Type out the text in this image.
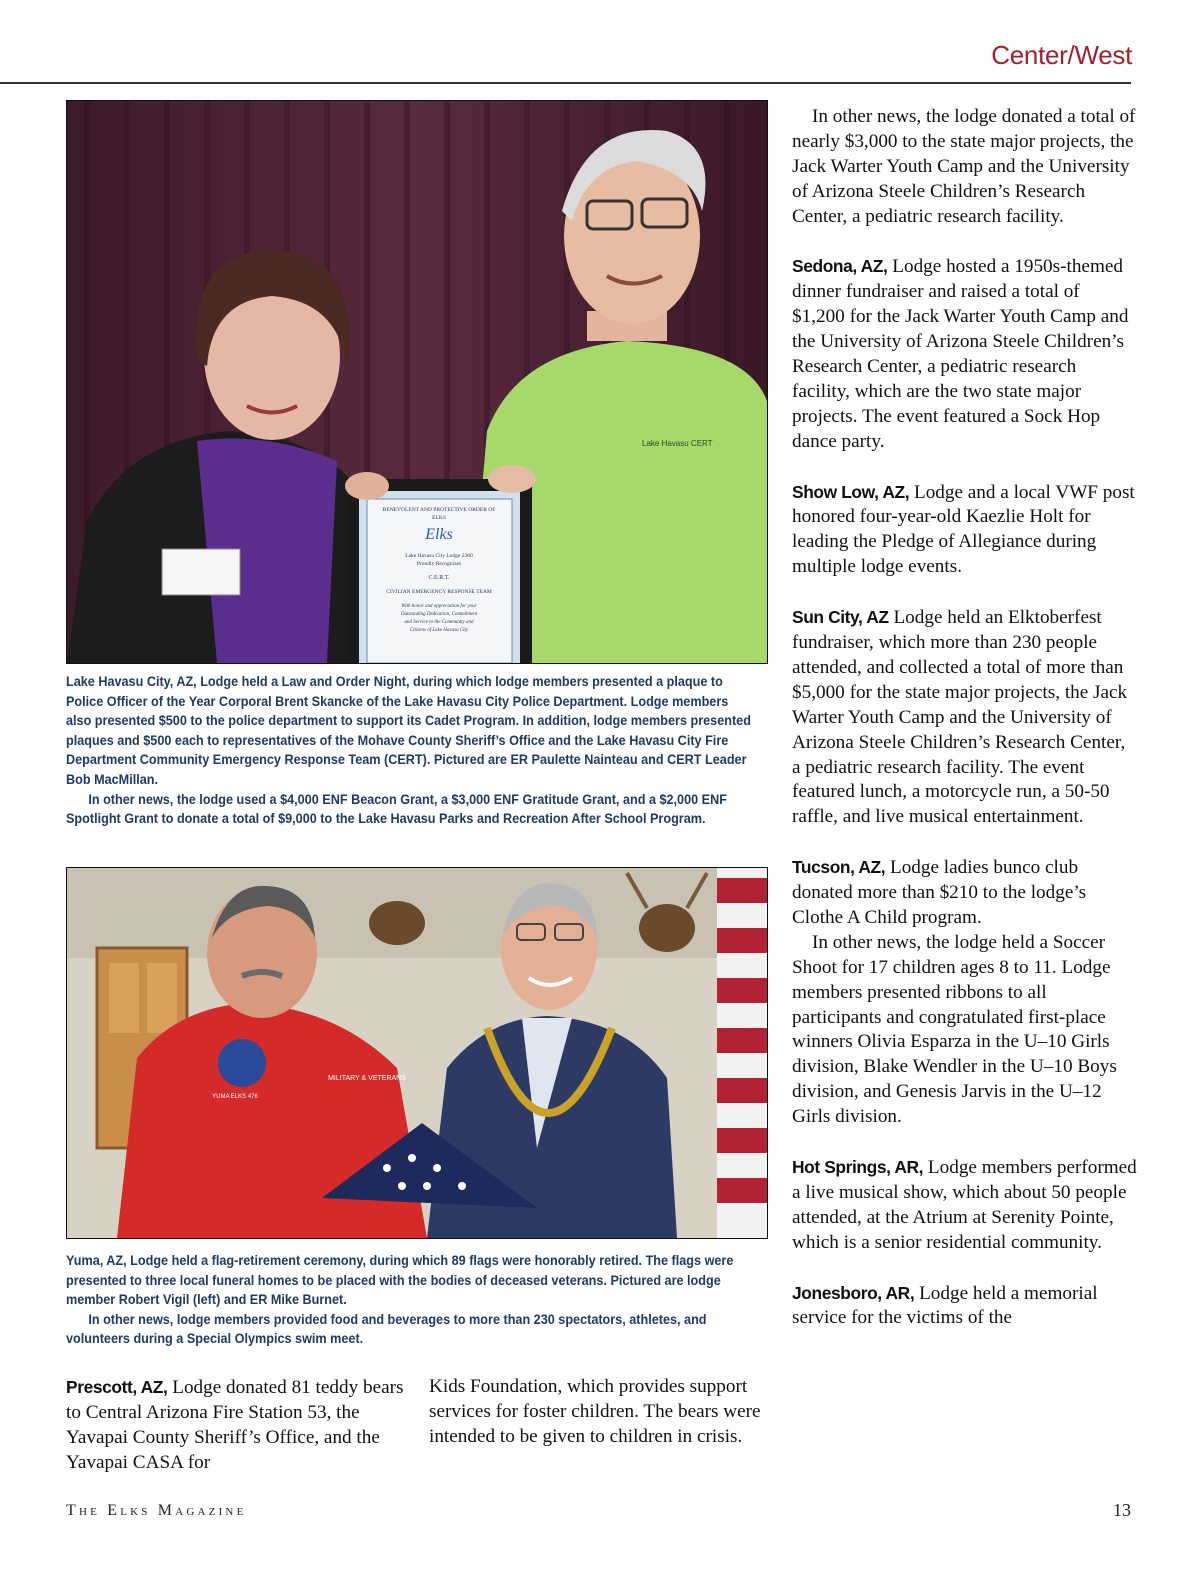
Center/West
Lake Havasu CERT
BENEVOLENT AND PROTECTIVE ORDER OF
ELKS
Elks
Lake Havasu City Lodge 2360
Proudly Recognizes
C.E.R.T.
CIVILIAN EMERGENCY RESPONSE TEAM
With honor and appreciation for your
Outstanding Dedication, Commitment
and Service to the Community and
Citizens of Lake Havasu City

Lake Havasu City, AZ, Lodge held a Law and Order Night, during which lodge members presented a plaque to Police Officer of the Year Corporal Brent Skancke of the Lake Havasu City Police Department. Lodge members also presented $500 to the police department to support its Cadet Program. In addition, lodge members presented plaques and $500 each to representatives of the Mohave County Sheriff’s Office and the Lake Havasu City Fire Department Community Emergency Response Team (CERT). Pictured are ER Paulette Nainteau and CERT Leader Bob MacMillan.

In other news, the lodge used a $4,000 ENF Beacon Grant, a $3,000 ENF Gratitude Grant, and a $2,000 ENF Spotlight Grant to donate a total of $9,000 to the Lake Havasu Parks and Recreation After School Program.

YUMA ELKS 476
MILITARY & VETERANS

Yuma, AZ, Lodge held a flag-retirement ceremony, during which 89 flags were honorably retired. The flags were presented to three local funeral homes to be placed with the bodies of deceased veterans. Pictured are lodge member Robert Vigil (left) and ER Mike Burnet.

In other news, lodge members provided food and beverages to more than 230 spectators, athletes, and volunteers during a Special Olympics swim meet.

Prescott, AZ, Lodge donated 81 teddy bears to Central Arizona Fire Station 53, the Yavapai County Sheriff’s Office, and the Yavapai CASA for

Kids Foundation, which provides support services for foster children. The bears were intended to be given to children in crisis.

In other news, the lodge donated a total of nearly $3,000 to the state major projects, the Jack Warter Youth Camp and the University of Arizona Steele Children’s Research Center, a pediatric research facility.

Sedona, AZ, Lodge hosted a 1950s-themed dinner fundraiser and raised a total of $1,200 for the Jack Warter Youth Camp and the University of Arizona Steele Children’s Research Center, a pediatric research facility, which are the two state major projects. The event featured a Sock Hop dance party.

Show Low, AZ, Lodge and a local VWF post honored four-year-old Kaezlie Holt for leading the Pledge of Allegiance during multiple lodge events.

Sun City, AZ Lodge held an Elktoberfest fundraiser, which more than 230 people attended, and collected a total of more than $5,000 for the state major projects, the Jack Warter Youth Camp and the University of Arizona Steele Children’s Research Center, a pediatric research facility. The event featured lunch, a motorcycle run, a 50-50 raffle, and live musical entertainment.

Tucson, AZ, Lodge ladies bunco club donated more than $210 to the lodge’s Clothe A Child program.

In other news, the lodge held a Soccer Shoot for 17 children ages 8 to 11. Lodge members presented ribbons to all participants and congratulated first-place winners Olivia Esparza in the U–10 Girls division, Blake Wendler in the U–10 Boys division, and Genesis Jarvis in the U–12 Girls division.

Hot Springs, AR, Lodge members performed a live musical show, which about 50 people attended, at the Atrium at Serenity Pointe, which is a senior residential community.

Jonesboro, AR, Lodge held a memorial service for the victims of the

The Elks Magazine	13
